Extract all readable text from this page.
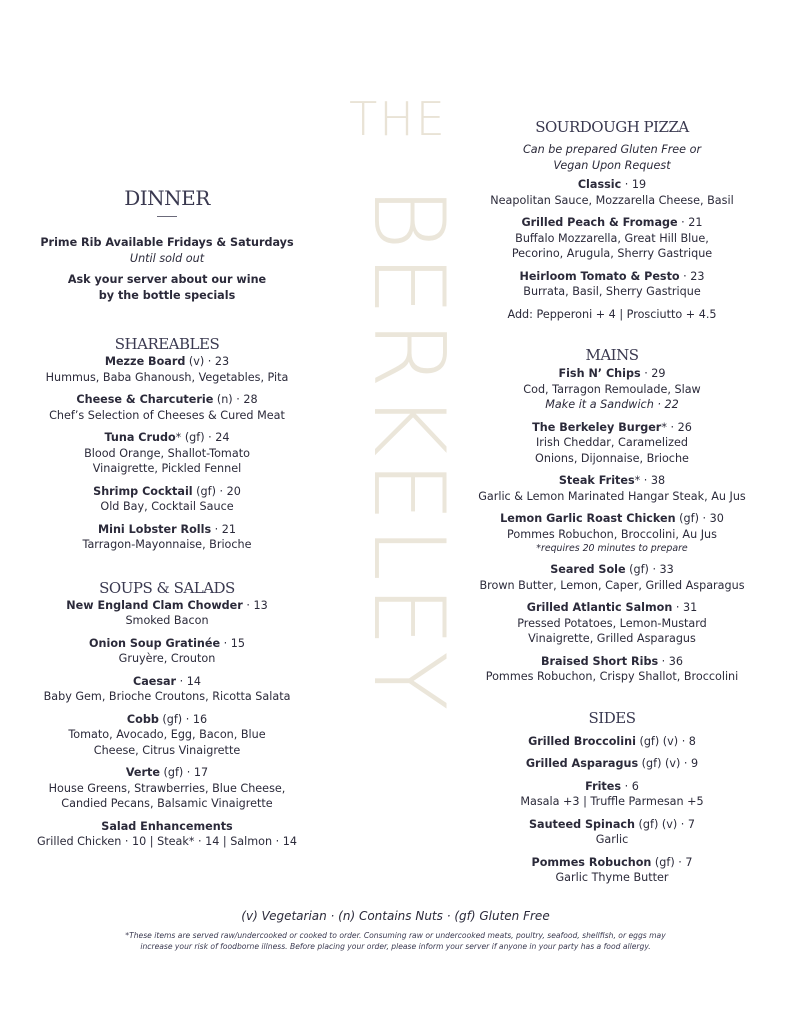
THE
BERKELEY
DINNER
Prime Rib Available Fridays & Saturdays
Until sold out
Ask your server about our wine
by the bottle specials
SHAREABLES
Mezze Board (v) · 23
Hummus, Baba Ghanoush, Vegetables, Pita
Cheese & Charcuterie (n) · 28
Chef’s Selection of Cheeses & Cured Meat
Tuna Crudo* (gf) · 24
Blood Orange, Shallot-Tomato
Vinaigrette, Pickled Fennel
Shrimp Cocktail (gf) · 20
Old Bay, Cocktail Sauce
Mini Lobster Rolls · 21
Tarragon-Mayonnaise, Brioche
SOUPS & SALADS
New England Clam Chowder · 13
Smoked Bacon
Onion Soup Gratinée · 15
Gruyère, Crouton
Caesar · 14
Baby Gem, Brioche Croutons, Ricotta Salata
Cobb (gf) · 16
Tomato, Avocado, Egg, Bacon, Blue
Cheese, Citrus Vinaigrette
Verte (gf) · 17
House Greens, Strawberries, Blue Cheese,
Candied Pecans, Balsamic Vinaigrette
Salad Enhancements
Grilled Chicken · 10 | Steak* · 14 | Salmon · 14
SOURDOUGH PIZZA
Can be prepared Gluten Free or
Vegan Upon Request
Classic · 19
Neapolitan Sauce, Mozzarella Cheese, Basil
Grilled Peach & Fromage · 21
Buffalo Mozzarella, Great Hill Blue,
Pecorino, Arugula, Sherry Gastrique
Heirloom Tomato & Pesto · 23
Burrata, Basil, Sherry Gastrique
Add: Pepperoni + 4 | Prosciutto + 4.5
MAINS
Fish N’ Chips · 29
Cod, Tarragon Remoulade, Slaw
Make it a Sandwich · 22
The Berkeley Burger* · 26
Irish Cheddar, Caramelized
Onions, Dijonnaise, Brioche
Steak Frites* · 38
Garlic & Lemon Marinated Hangar Steak, Au Jus
Lemon Garlic Roast Chicken (gf) · 30
Pommes Robuchon, Broccolini, Au Jus
*requires 20 minutes to prepare
Seared Sole (gf) · 33
Brown Butter, Lemon, Caper, Grilled Asparagus
Grilled Atlantic Salmon · 31
Pressed Potatoes, Lemon-Mustard
Vinaigrette, Grilled Asparagus
Braised Short Ribs · 36
Pommes Robuchon, Crispy Shallot, Broccolini
SIDES
Grilled Broccolini (gf) (v) · 8
Grilled Asparagus (gf) (v) · 9
Frites · 6
Masala +3 | Truffle Parmesan +5
Sauteed Spinach (gf) (v) · 7
Garlic
Pommes Robuchon (gf) · 7
Garlic Thyme Butter
(v) Vegetarian · (n) Contains Nuts · (gf) Gluten Free
*These items are served raw/undercooked or cooked to order. Consuming raw or undercooked meats, poultry, seafood, shellfish, or eggs may
increase your risk of foodborne illness. Before placing your order, please inform your server if anyone in your party has a food allergy.
